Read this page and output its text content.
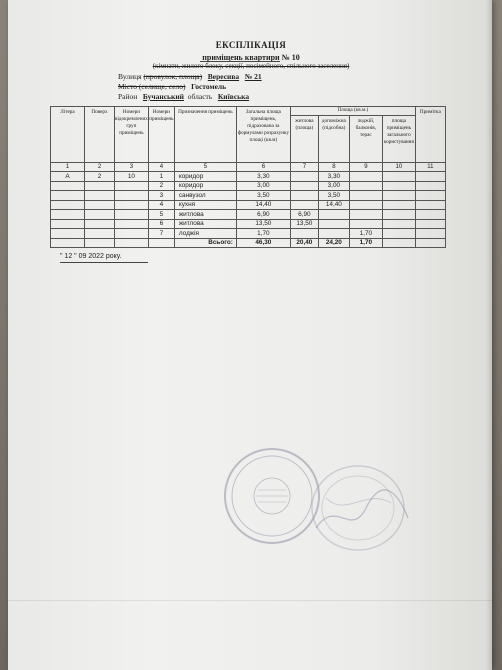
ЕКСПЛІКАЦІЯ
приміщень квартири № 10
(кімнати, жилого блоку, секції, посімейного, спільного заселення)
Вулиця (провулок, площа) Вересива № 21
Місто (селище, село) Гостомель
Район Бучанський область Київська
Літера	Поверх	Номери відокремлених груп приміщень	Номери приміщень	Призначення приміщень	Загальна площа приміщень, підрахована за формулами розрахунку площі (кв.м)	Площа (кв.м.)				Примітка
						житлова (площа)	допоміжна (підсобна)	лоджій, балконів, терас	площа приміщень загального користування	
1	2	3	4	5	6	7	8	9	10	11
А	2	10	1	коридор	3,30		3,30			
			2	коридор	3,00		3,00			
			3	санвузол	3,50		3,50			
			4	кухня	14,40		14,40			
			5	житлова	6,90	6,90				
			6	житлова	13,50	13,50				
			7	лоджія	1,70			1,70		
				Всього:	46,30	20,40	24,20	1,70		
" 12 " 09 2022 року.
